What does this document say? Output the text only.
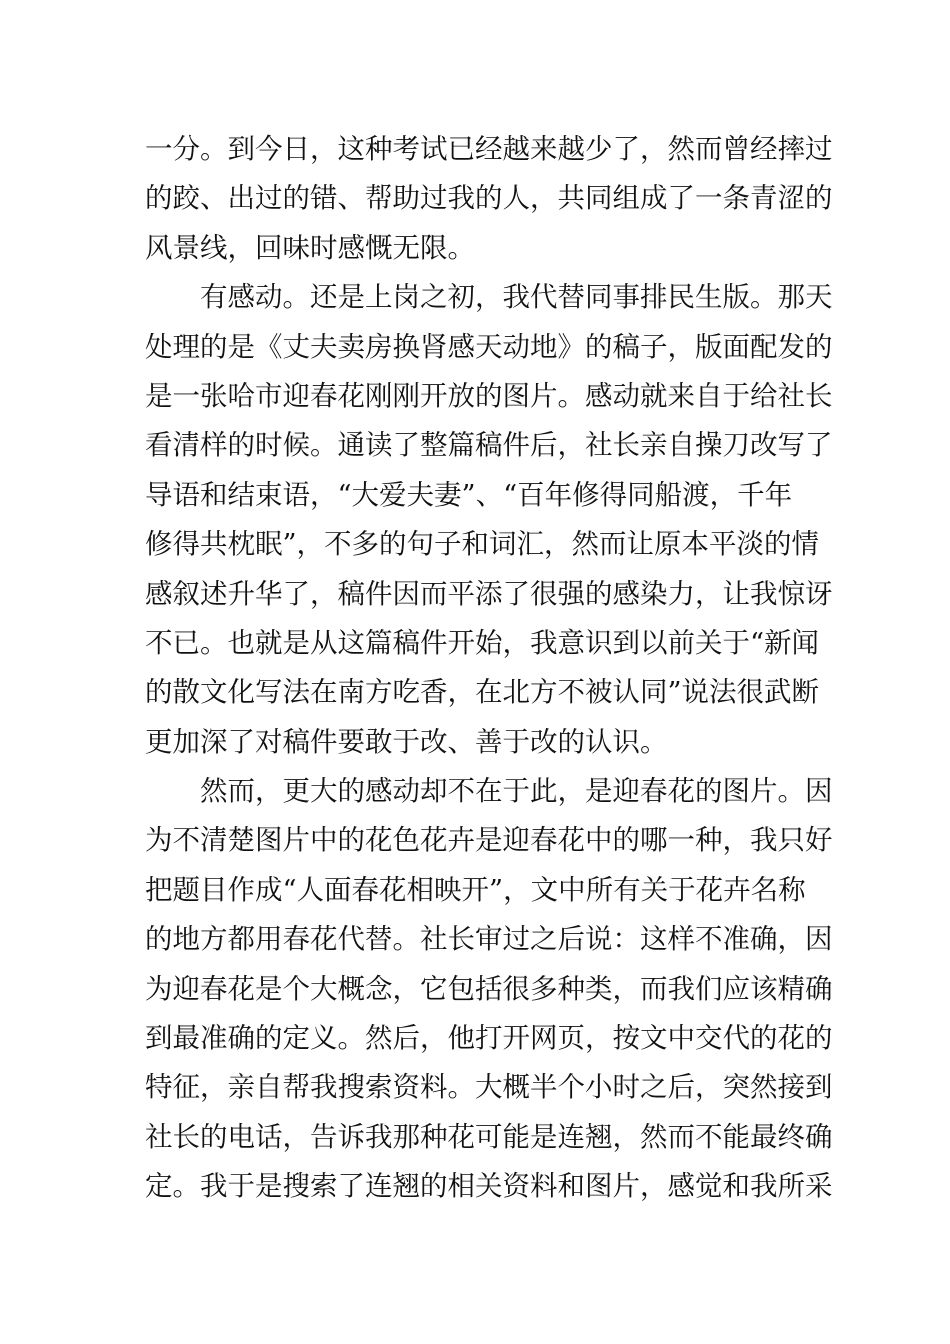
一分。到今日，这种考试已经越来越少了，然而曾经摔过
的跤、出过的错、帮助过我的人，共同组成了一条青涩的
风景线，回味时感慨无限。
　　有感动。还是上岗之初，我代替同事排民生版。那天
处理的是《丈夫卖房换肾感天动地》的稿子，版面配发的
是一张哈市迎春花刚刚开放的图片。感动就来自于给社长
看清样的时候。通读了整篇稿件后，社长亲自操刀改写了
导语和结束语，“大爱夫妻”、“百年修得同船渡，千年
修得共枕眠”，不多的句子和词汇，然而让原本平淡的情
感叙述升华了，稿件因而平添了很强的感染力，让我惊讶
不已。也就是从这篇稿件开始，我意识到以前关于“新闻
的散文化写法在南方吃香，在北方不被认同”说法很武断
更加深了对稿件要敢于改、善于改的认识。
　　然而，更大的感动却不在于此，是迎春花的图片。因
为不清楚图片中的花色花卉是迎春花中的哪一种，我只好
把题目作成“人面春花相映开”，文中所有关于花卉名称
的地方都用春花代替。社长审过之后说：这样不准确，因
为迎春花是个大概念，它包括很多种类，而我们应该精确
到最准确的定义。然后，他打开网页，按文中交代的花的
特征，亲自帮我搜索资料。大概半个小时之后，突然接到
社长的电话，告诉我那种花可能是连翘，然而不能最终确
定。我于是搜索了连翘的相关资料和图片，感觉和我所采
